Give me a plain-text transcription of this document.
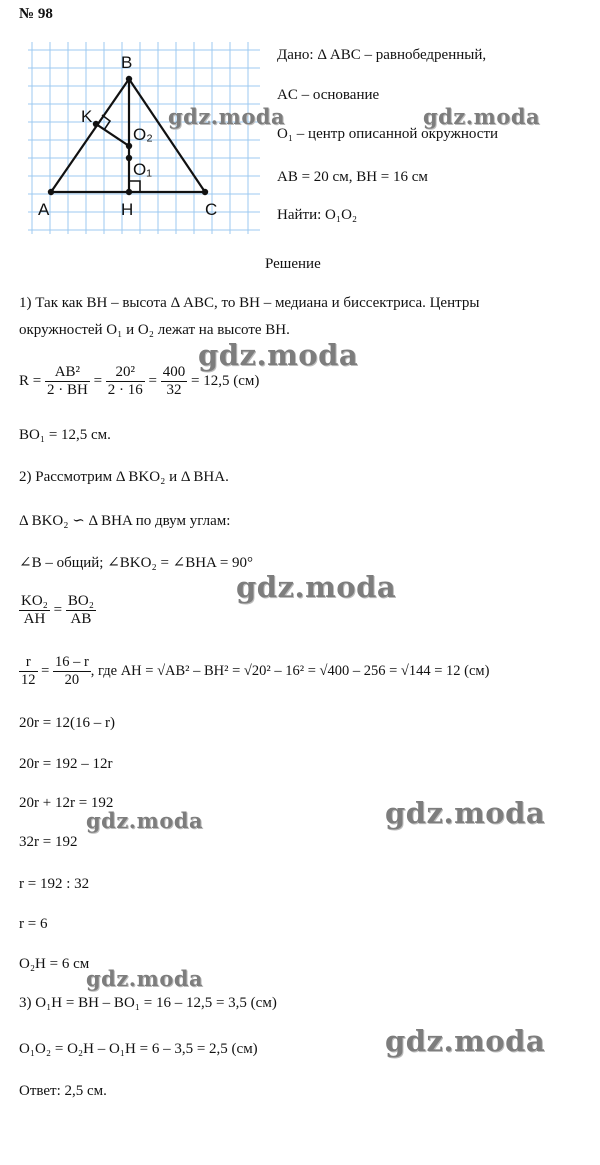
№ 98
B
K
O₂
O₁
A	H	C
Дано: Δ ABC – равнобедренный,
AC – основание
O₁ – центр описанной окружности
AB = 20 см, BH = 16 см
Найти: O₁O₂
Решение
1) Так как BH – высота Δ ABC, то BH – медиана и биссектриса. Центры
окружностей O₁ и O₂ лежат на высоте BH.
$R = \frac{\text{AB²}}{2 \cdot BH} = \frac{\text{20²}}{2 \cdot 16} = \frac{400}{32} = 12,5$ (см)
BO₁ = 12,5 см.
2) Рассмотрим Δ BKO₂ и Δ BHA.
Δ BKO₂ ∽ Δ BHA по двум углам:
∠B – общий; ∠BKO₂ = ∠BHA = 90°
$\frac{\text{KO₂}}{AH} = \frac{\text{BO₂}}{AB}$
$\frac{r}{12} = \frac{16 - r}{20}$ , где AH = √AB² – BH² = √20² – 16² = √400 – 256 = √144 = 12 (см)
20r = 12(16 – r)
20r = 192 – 12r
20r + 12r = 192
32r = 192
r = 192 : 32
r = 6
O₂H = 6 см
3) O₁H = BH – BO₁ = 16 – 12,5 = 3,5 (см)
O₁O₂ = O₂H – O₁H = 6 – 3,5 = 2,5 (см)
Ответ: 2,5 см.
gdz.moda	gdz.moda
gdz.moda
gdz.moda
gdz.moda
gdz.moda
gdz.moda
gdz.moda
